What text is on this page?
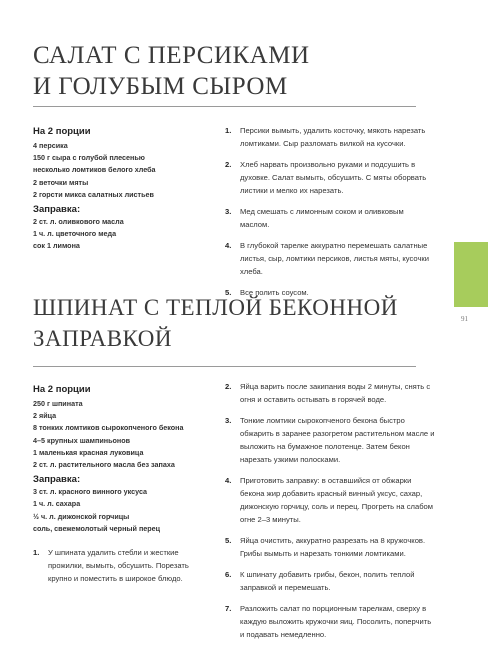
САЛАТ С ПЕРСИКАМИ
И ГОЛУБЫМ СЫРОМ
На 2 порции
4 персика
150 г сыра с голубой плесенью
несколько ломтиков белого хлеба
2 веточки мяты
2 горсти микса салатных листьев
Заправка:
2 ст. л. оливкового масла
1 ч. л. цветочного меда
сок 1 лимона
1. Персики вымыть, удалить косточку, мякоть нарезать ломтиками. Сыр разломать вилкой на кусочки.
2. Хлеб нарвать произвольно руками и подсушить в духовке. Салат вымыть, обсушить. С мяты оборвать листики и мелко их нарезать.
3. Мед смешать с лимонным соком и оливковым маслом.
4. В глубокой тарелке аккуратно перемешать салатные листья, сыр, ломтики персиков, листья мяты, кусочки хлеба.
5. Все полить соусом.
91
ШПИНАТ С ТЕПЛОЙ БЕКОННОЙ
ЗАПРАВКОЙ
На 2 порции
250 г шпината
2 яйца
8 тонких ломтиков сырокопченого бекона
4–5 крупных шампиньонов
1 маленькая красная луковица
2 ст. л. растительного масла без запаха
Заправка:
3 ст. л. красного винного уксуса
1 ч. л. сахара
½ ч. л. дижонской горчицы
соль, свежемолотый черный перец
1. У шпината удалить стебли и жесткие прожилки, вымыть, обсушить. Порезать крупно и поместить в широкое блюдо.
2. Яйца варить после закипания воды 2 минуты, снять с огня и оставить остывать в горячей воде.
3. Тонкие ломтики сырокопченого бекона быстро обжарить в заранее разогретом растительном масле и выложить на бумажное полотенце. Затем бекон нарезать узкими полосками.
4. Приготовить заправку: в оставшийся от обжарки бекона жир добавить красный винный уксус, сахар, дижонскую горчицу, соль и перец. Прогреть на слабом огне 2–3 минуты.
5. Яйца очистить, аккуратно разрезать на 8 кружочков. Грибы вымыть и нарезать тонкими ломтиками.
6. К шпинату добавить грибы, бекон, полить теплой заправкой и перемешать.
7. Разложить салат по порционным тарелкам, сверху в каждую выложить кружочки яиц. Посолить, поперчить и подавать немедленно.
